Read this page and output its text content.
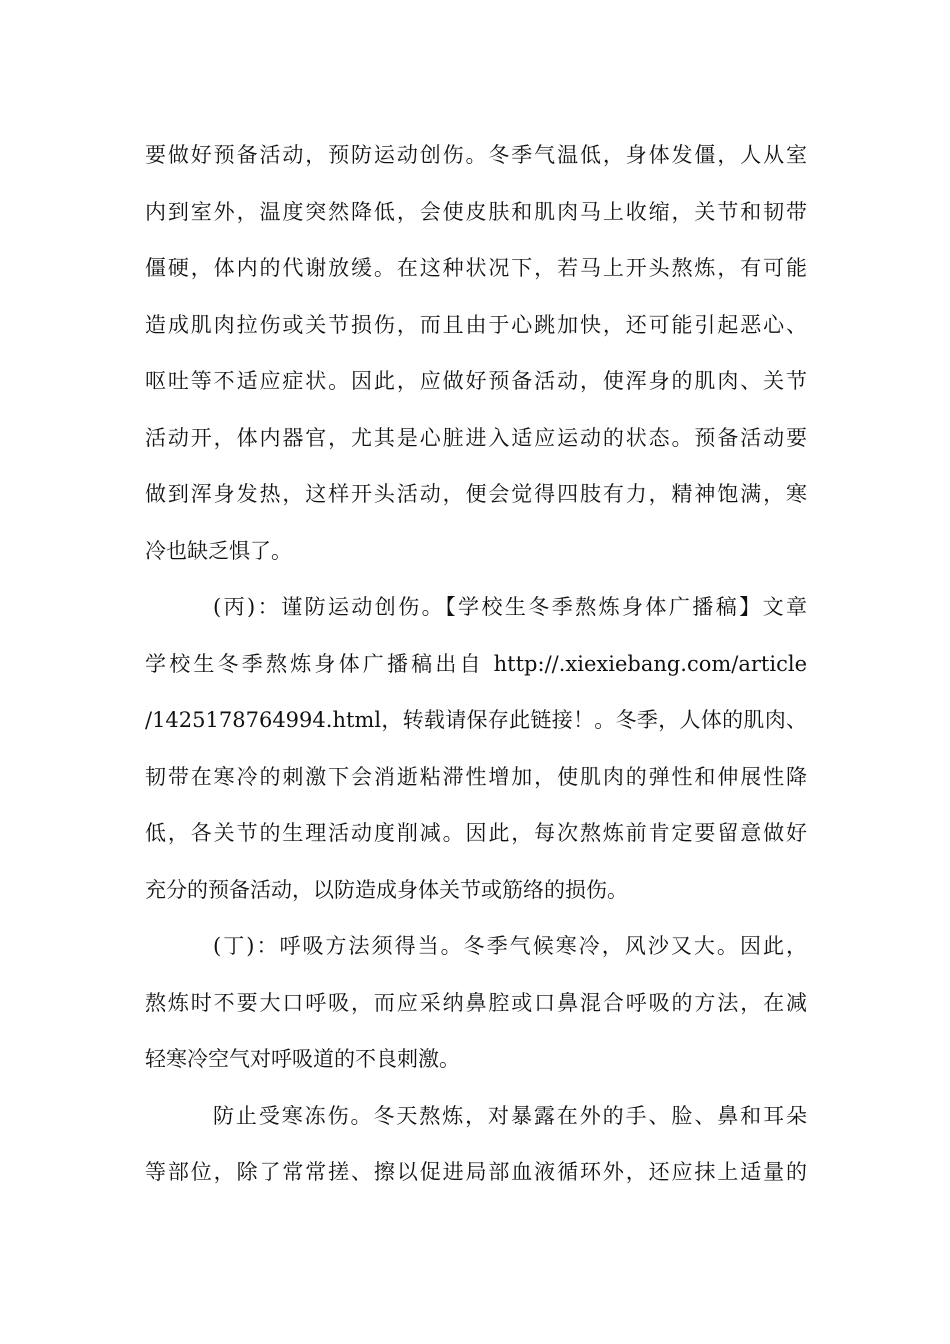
要做好预备活动，预防运动创伤。冬季气温低，身体发僵，人从室
内到室外，温度突然降低，会使皮肤和肌肉马上收缩，关节和韧带
僵硬，体内的代谢放缓。在这种状况下，若马上开头熬炼，有可能
造成肌肉拉伤或关节损伤，而且由于心跳加快，还可能引起恶心、
呕吐等不适应症状。因此，应做好预备活动，使浑身的肌肉、关节
活动开，体内器官，尤其是心脏进入适应运动的状态。预备活动要
做到浑身发热，这样开头活动，便会觉得四肢有力，精神饱满，寒
冷也缺乏惧了。
(丙)：谨防运动创伤。【学校生冬季熬炼身体广播稿】文章
学校生冬季熬炼身体广播稿出自 http://.xiexiebang.com/article
/1425178764994.html，转载请保存此链接！。冬季，人体的肌肉、
韧带在寒冷的刺激下会消逝粘滞性增加，使肌肉的弹性和伸展性降
低，各关节的生理活动度削减。因此，每次熬炼前肯定要留意做好
充分的预备活动，以防造成身体关节或筋络的损伤。
(丁)：呼吸方法须得当。冬季气候寒冷，风沙又大。因此，
熬炼时不要大口呼吸，而应采纳鼻腔或口鼻混合呼吸的方法，在减
轻寒冷空气对呼吸道的不良刺激。
防止受寒冻伤。冬天熬炼，对暴露在外的手、脸、鼻和耳朵
等部位，除了常常搓、擦以促进局部血液循环外，还应抹上适量的
